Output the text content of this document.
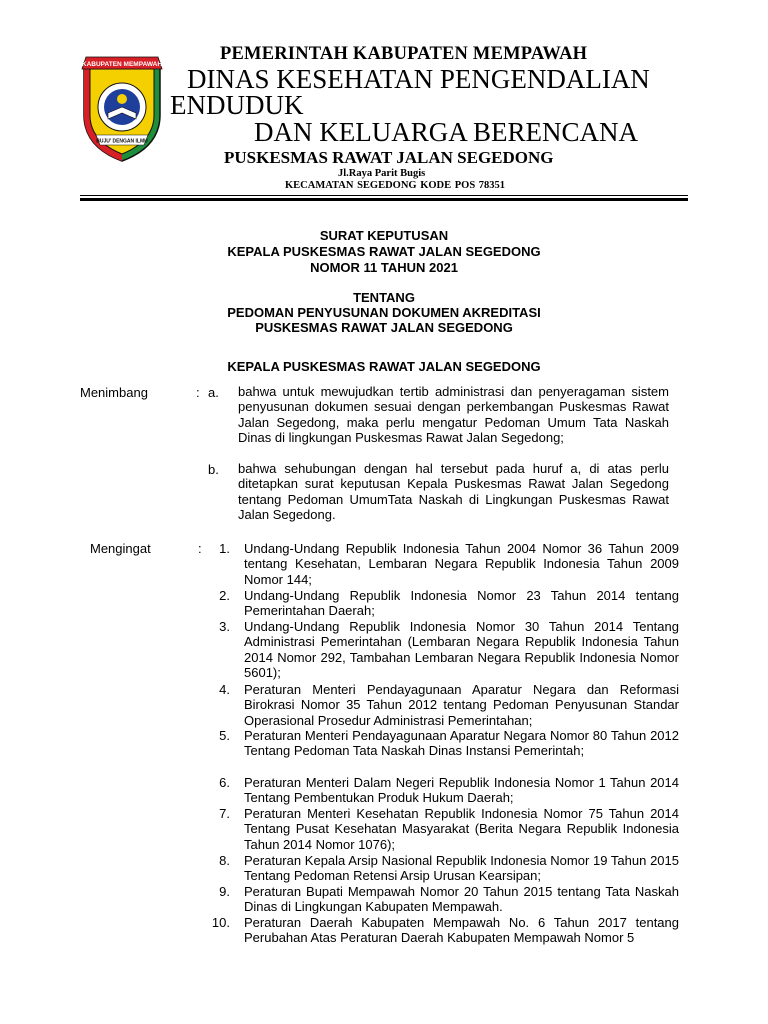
KABUPATEN MEMPAWAH
BUJU' DENGAN ILMU
PEMERINTAH KABUPATEN MEMPAWAH
DINAS KESEHATAN PENGENDALIAN
ENDUDUK
DAN KELUARGA BERENCANA
PUSKESMAS RAWAT JALAN SEGEDONG
Jl.Raya Parit Bugis
KECAMATAN SEGEDONG KODE POS 78351
SURAT KEPUTUSAN
KEPALA PUSKESMAS RAWAT JALAN SEGEDONG
NOMOR 11 TAHUN 2021
TENTANG
PEDOMAN PENYUSUNAN DOKUMEN AKREDITASI
PUSKESMAS RAWAT JALAN SEGEDONG
KEPALA PUSKESMAS RAWAT JALAN SEGEDONG
Menimbang	: a. bahwa untuk mewujudkan tertib administrasi dan penyeragaman sistem penyusunan dokumen sesuai dengan perkembangan Puskesmas Rawat Jalan Segedong, maka perlu mengatur Pedoman Umum Tata Naskah Dinas di lingkungan Puskesmas Rawat Jalan Segedong;
b. bahwa sehubungan dengan hal tersebut pada huruf a, di atas perlu ditetapkan surat keputusan Kepala Puskesmas Rawat Jalan Segedong tentang Pedoman UmumTata Naskah di Lingkungan Puskesmas Rawat Jalan Segedong.
Mengingat	:	1. Undang-Undang Republik Indonesia Tahun 2004 Nomor 36 Tahun 2009 tentang Kesehatan, Lembaran Negara Republik Indonesia Tahun 2009 Nomor 144;
2. Undang-Undang Republik Indonesia Nomor 23 Tahun 2014 tentang Pemerintahan Daerah;
3. Undang-Undang Republik Indonesia Nomor 30 Tahun 2014 Tentang Administrasi Pemerintahan (Lembaran Negara Republik Indonesia Tahun 2014 Nomor 292, Tambahan Lembaran Negara Republik Indonesia Nomor 5601);
4. Peraturan Menteri Pendayagunaan Aparatur Negara dan Reformasi Birokrasi Nomor 35 Tahun 2012 tentang Pedoman Penyusunan Standar Operasional Prosedur Administrasi Pemerintahan;
5. Peraturan Menteri Pendayagunaan Aparatur Negara Nomor 80 Tahun 2012 Tentang Pedoman Tata Naskah Dinas Instansi Pemerintah;
6. Peraturan Menteri Dalam Negeri Republik Indonesia Nomor 1 Tahun 2014 Tentang Pembentukan Produk Hukum Daerah;
7. Peraturan Menteri Kesehatan Republik Indonesia Nomor 75 Tahun 2014 Tentang Pusat Kesehatan Masyarakat (Berita Negara Republik Indonesia Tahun 2014 Nomor 1076);
8. Peraturan Kepala Arsip Nasional Republik Indonesia Nomor 19 Tahun 2015 Tentang Pedoman Retensi Arsip Urusan Kearsipan;
9. Peraturan Bupati Mempawah Nomor 20 Tahun 2015 tentang Tata Naskah Dinas di Lingkungan Kabupaten Mempawah.
10. Peraturan Daerah Kabupaten Mempawah No. 6 Tahun 2017 tentang Perubahan Atas Peraturan Daerah Kabupaten Mempawah Nomor 5
